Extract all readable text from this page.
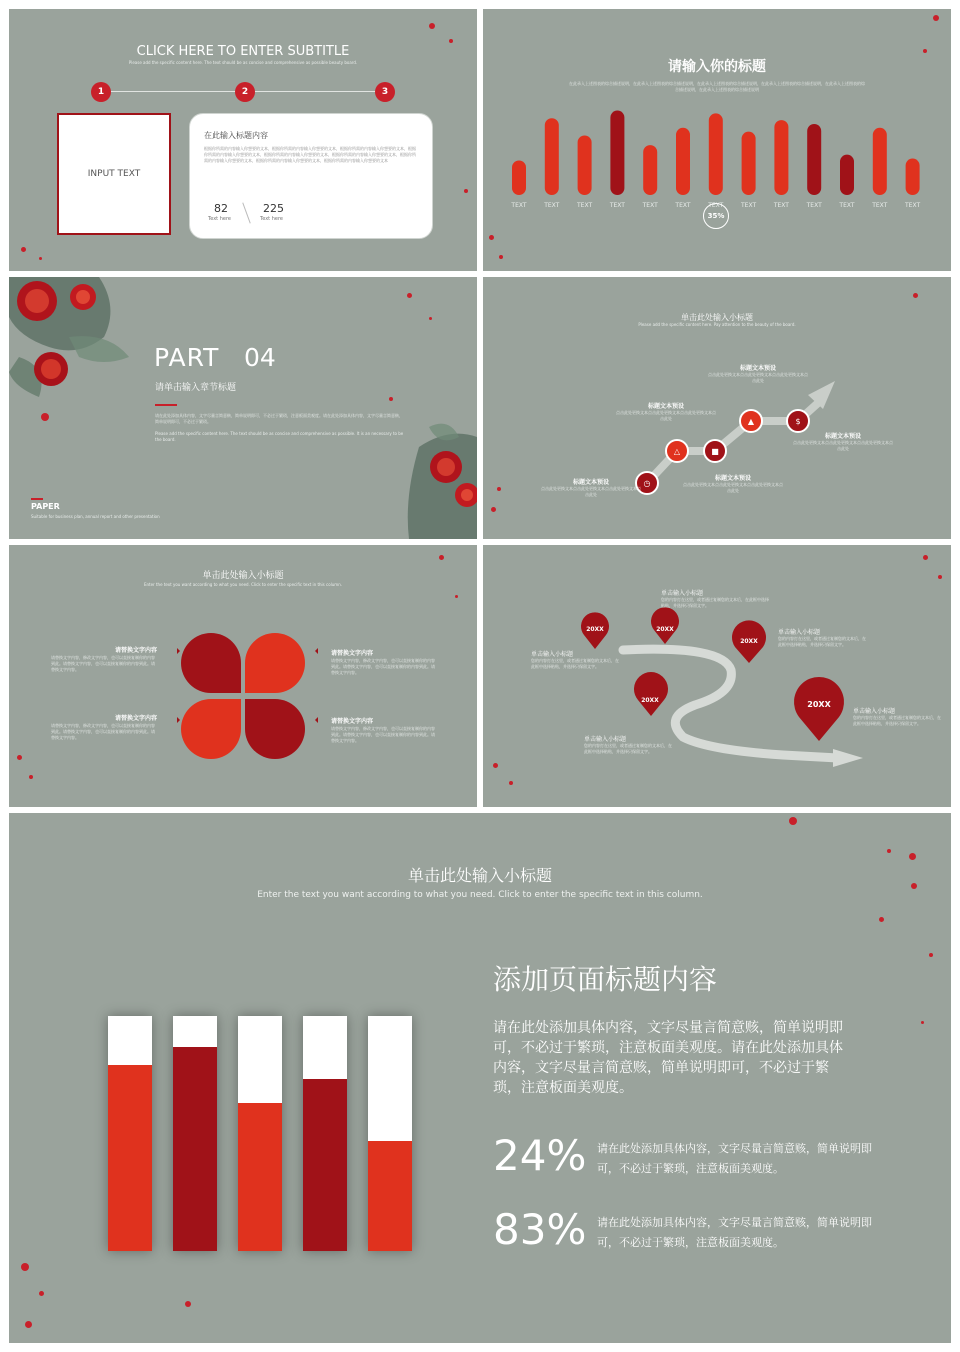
CLICK HERE TO ENTER SUBTITLE
Please add the specific content here. The text should be as concise and comprehensive as possible beauty board.
1	2	3
INPUT TEXT
在此输入标题内容
根据你所需的内容输入你想要的文本，根据你所需的内容输入你想要的文本，根据你所需的内容输入你想要的文本，根据你所需的内容输入你想要的文本，根据你所需的内容输入你想要的文本，根据你所需的内容输入你想要的文本，根据你所需的内容输入你想要的文本，根据你所需的内容输入你想要的文本，根据你所需的内容输入你想要的文本
82
Text here
225
Text here
请输入你的标题
在此录入上述图表的综合描述说明，在此录入上述图表的综合描述说明，在此录入上述图表的综合描述说明，在此录入上述图表的综合描述说明，在此录入上述图表的综合描述说明，在此录入上述图表的综合描述说明
TEXT	TEXT	TEXT	TEXT	TEXT	TEXT	TEXT	TEXT	TEXT	TEXT	TEXT	TEXT	TEXT
35%
PART 04
请单击输入章节标题
请在此处添加具体内容，文字尽量言简意赅，简单说明即可，不必过于繁琐，注意板面美观度。请在此处添加具体内容，文字尽量言简意赅，简单说明即可，不必过于繁琐。
Please add the specific content here. The text should be as concise and comprehensive as possible. It is an necessary to be the board.
PAPER
Suitable for business plan, annual report and other presentation
单击此处输入小标题
Please add the specific content here. Pay attention to the beauty of the board.
◷
△	■
▲	$
标题文本预设
点击此处更换文本点击此处更换文本点击此处更换文本点击此处
标题文本预设
点击此处更换文本点击此处更换文本点击此处更换文本点击此处
标题文本预设
点击此处更换文本点击此处更换文本点击此处更换文本点击此处
标题文本预设
点击此处更换文本点击此处更换文本点击此处更换文本点击此处
标题文本预设
点击此处更换文本点击此处更换文本点击此处更换文本点击此处
单击此处输入小标题
Enter the text you want according to what you need. Click to enter the specific text in this column.
请替换文字内容
请替换文字内容，修改文字内容，也可以直接复制你的内容到此。请替换文字内容，也可以直接复制你的内容到此。请替换文字内容。
请替换文字内容
请替换文字内容，修改文字内容，也可以直接复制你的内容到此。请替换文字内容，也可以直接复制你的内容到此。请替换文字内容。
请替换文字内容
请替换文字内容，修改文字内容，也可以直接复制你的内容到此。请替换文字内容，也可以直接复制你的内容到此。请替换文字内容。
请替换文字内容
请替换文字内容，修改文字内容，也可以直接复制你的内容到此。请替换文字内容，也可以直接复制你的内容到此。请替换文字内容。
20XX	20XX
20XX
20XX	20XX
单击输入小标题
您的内容打在这里，或者通过复制您的文本后，在此框中选择粘贴，并选择只保留文字。
单击输入小标题
您的内容打在这里，或者通过复制您的文本后，在此框中选择粘贴，并选择只保留文字。
单击输入小标题
您的内容打在这里，或者通过复制您的文本后，在此框中选择粘贴，并选择只保留文字。
单击输入小标题
您的内容打在这里，或者通过复制您的文本后，在此框中选择粘贴，并选择只保留文字。
单击输入小标题
您的内容打在这里，或者通过复制您的文本后，在此框中选择粘贴，并选择只保留文字。
单击此处输入小标题
Enter the text you want according to what you need. Click to enter the specific text in this column.
添加页面标题内容
请在此处添加具体内容，文字尽量言简意赅，简单说明即可，不必过于繁琐，注意板面美观度。请在此处添加具体内容，文字尽量言简意赅，简单说明即可，不必过于繁琐，注意板面美观度。
24% 请在此处添加具体内容，文字尽量言简意赅，简单说明即可，不必过于繁琐，注意板面美观度。
83% 请在此处添加具体内容，文字尽量言简意赅，简单说明即可，不必过于繁琐，注意板面美观度。
